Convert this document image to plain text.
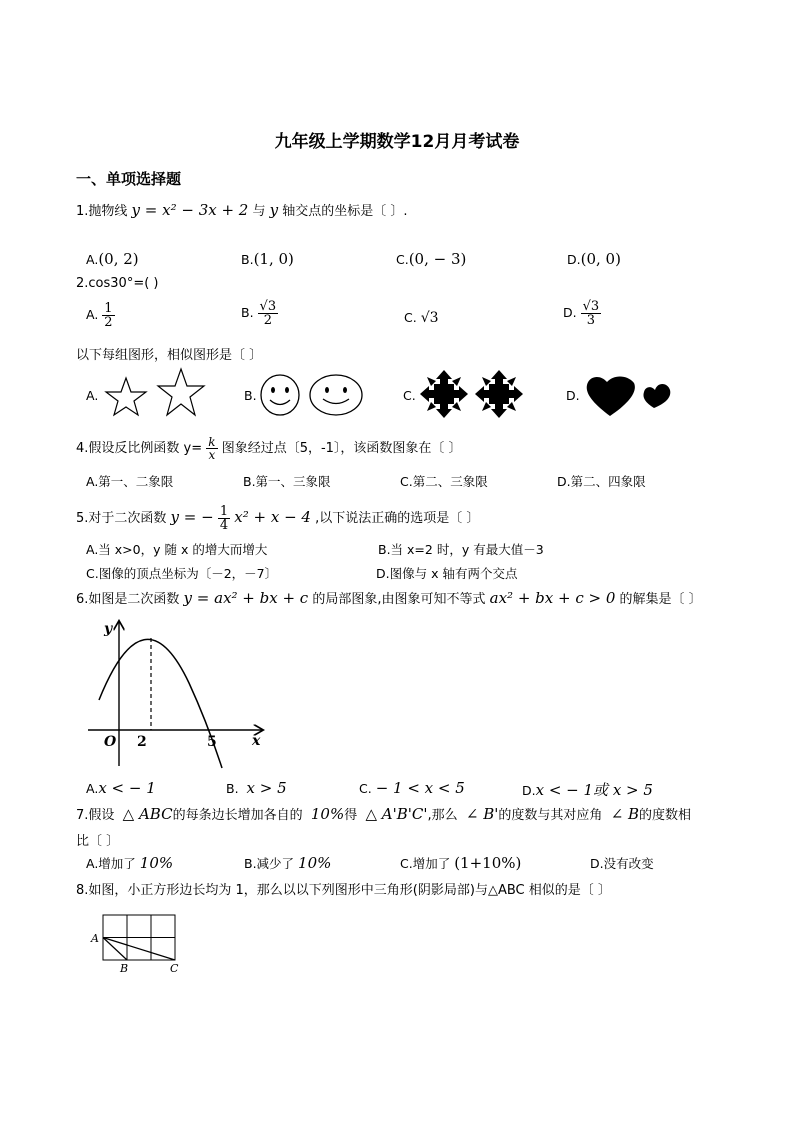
九年级上学期数学12月月考试卷
一、单项选择题
1.抛物线 y = x² − 3x + 2 与 y 轴交点的坐标是〔 〕.
A.(0, 2)	B.(1, 0)	C.(0, − 3)	D.(0, 0)
2.cos30°=( )
A. $\frac{1}{2}$	B. $\frac{√3}{2}$	C. √3	D. $\frac{√3}{3}$
以下每组图形，相似图形是〔 〕
A.	B.	C.	D.
4.假设反比例函数 $y= \frac{k}{x}$ 图象经过点〔5，-1〕，该函数图象在〔 〕
A.第一、二象限	B.第一、三象限	C.第二、三象限	D.第二、四象限
5.对于二次函数 y = − $\frac{1}{4} x^2 + x - 4$ ,以下说法正确的选项是〔 〕
A.当 x>0，y 随 x 的增大而增大	B.当 x=2 时，y 有最大值－3
C.图像的顶点坐标为〔－2，－7〕	D.图像与 x 轴有两个交点
6.如图是二次函数 y = ax² + bx + c 的局部图象,由图象可知不等式 ax² + bx + c > 0 的解集是〔 〕
y
x
O 2	5
A.x < − 1	B. x > 5	C. − 1 < x < 5	D.x < − 1或 x > 5
7.假设 △ ABC的每条边长增加各自的 10%得 △ A'B'C',那么 ∠ B'的度数与其对应角 ∠ B的度数相
比〔 〕
A.增加了 10%	B.减少了 10%	C.增加了 (1+10%)	D.没有改变
8.如图，小正方形边长均为 1，那么以以下列图形中三角形(阴影局部)与△ABC 相似的是〔 〕
A
B	C
